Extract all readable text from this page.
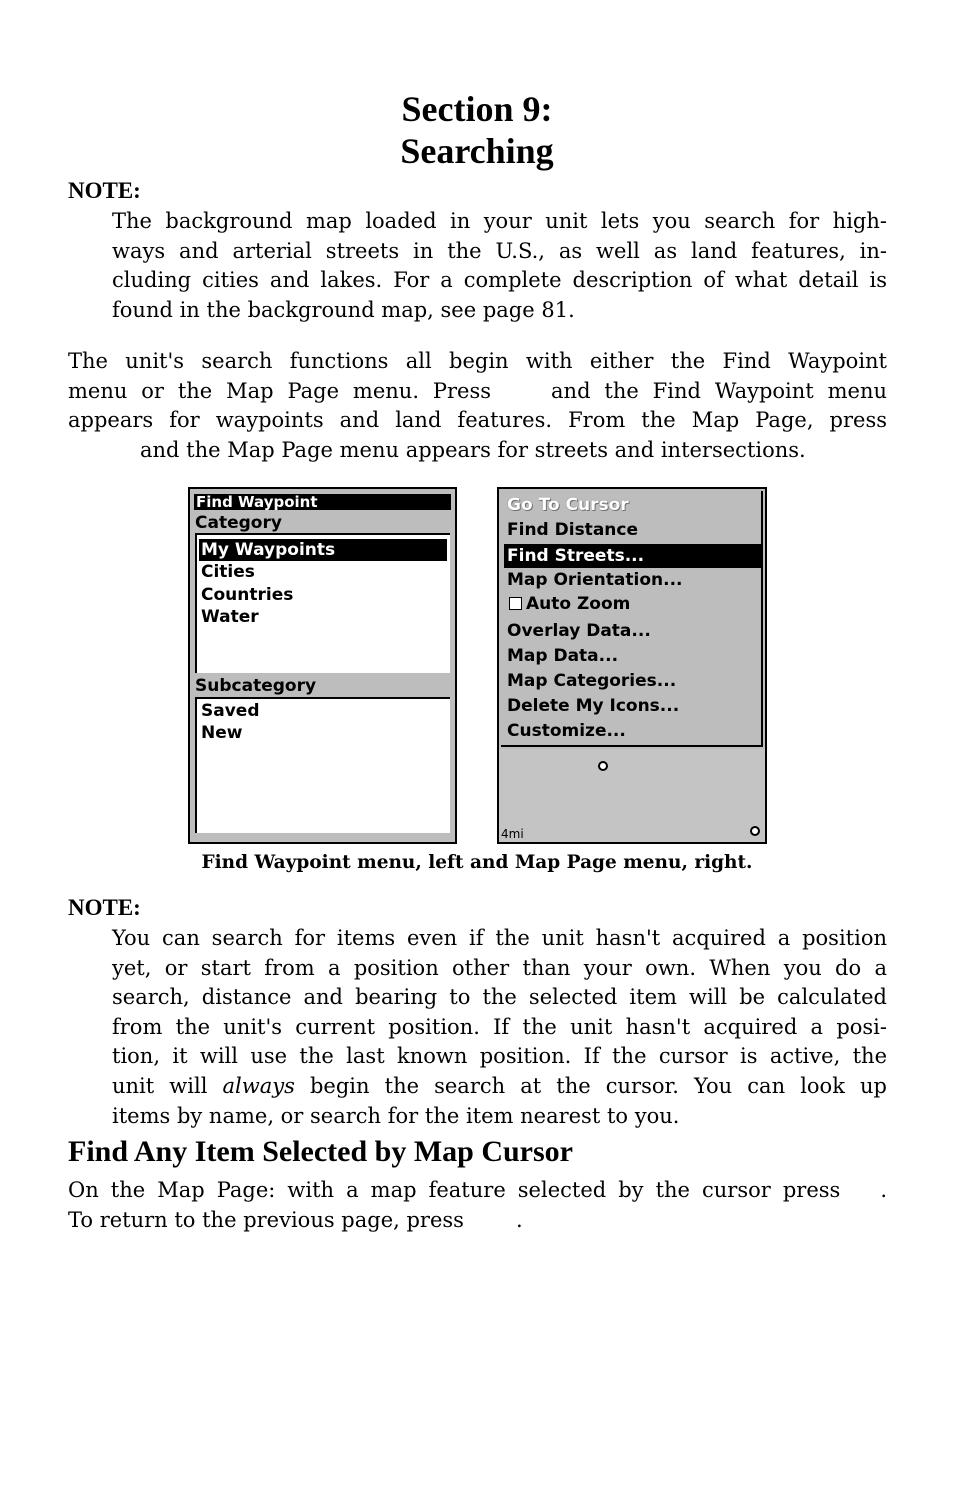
Section 9:
Searching
NOTE:
The background map loaded in your unit lets you search for high-
ways and arterial streets in the U.S., as well as land features, in-
cluding cities and lakes. For a complete description of what detail is
found in the background map, see page 81.
The unit's search functions all begin with either the Find Waypoint
menu or the Map Page menu. Press	and the Find Waypoint menu
appears for waypoints and land features. From the Map Page, press
and the Map Page menu appears for streets and intersections.
Find Waypoint
Category
My Waypoints
Cities
Countries
Water
Subcategory
Saved
New
Go To Cursor
Find Distance
Find Streets...
Map Orientation...
Auto Zoom
Overlay Data...
Map Data...
Map Categories...
Delete My Icons...
Customize...
4mi
Find Waypoint menu, left and Map Page menu, right.
NOTE:
You can search for items even if the unit hasn't acquired a position
yet, or start from a position other than your own. When you do a
search, distance and bearing to the selected item will be calculated
from the unit's current position. If the unit hasn't acquired a posi-
tion, it will use the last known position. If the cursor is active, the
unit will always begin the search at the cursor. You can look up
items by name, or search for the item nearest to you.
Find Any Item Selected by Map Cursor
On the Map Page: with a map feature selected by the cursor press .
To return to the previous page, press .
